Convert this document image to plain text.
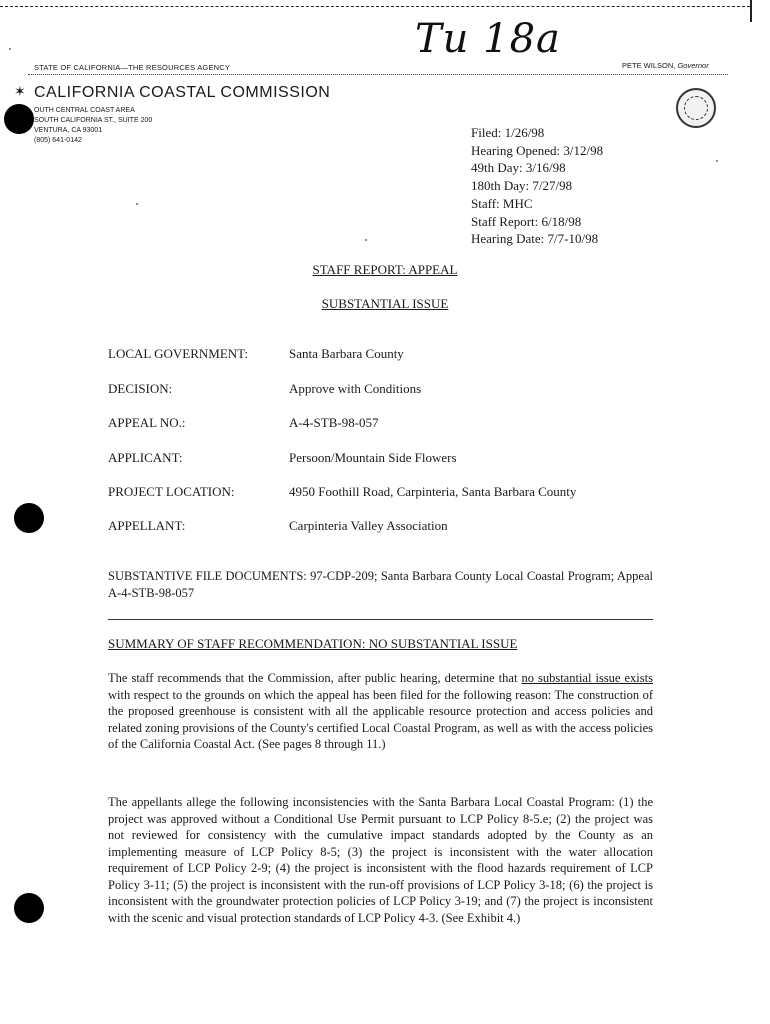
Tu 18a
STATE OF CALIFORNIA—THE RESOURCES AGENCY	PETE WILSON, Governor
✶ CALIFORNIA COASTAL COMMISSION
OUTH CENTRAL COAST AREA
SOUTH CALIFORNIA ST., SUITE 200
VENTURA, CA 93001
(805) 641-0142
Filed: 1/26/98
Hearing Opened: 3/12/98
49th Day: 3/16/98
180th Day: 7/27/98
Staff: MHC
Staff Report: 6/18/98
Hearing Date: 7/7-10/98
STAFF REPORT: APPEAL
SUBSTANTIAL ISSUE
LOCAL GOVERNMENT:	Santa Barbara County
DECISION:	Approve with Conditions
APPEAL NO.:	A-4-STB-98-057
APPLICANT:	Persoon/Mountain Side Flowers
PROJECT LOCATION:	4950 Foothill Road, Carpinteria, Santa Barbara County
APPELLANT:	Carpinteria Valley Association
SUBSTANTIVE FILE DOCUMENTS: 97-CDP-209; Santa Barbara County Local Coastal Program; Appeal A-4-STB-98-057
SUMMARY OF STAFF RECOMMENDATION: NO SUBSTANTIAL ISSUE
The staff recommends that the Commission, after public hearing, determine that no substantial issue exists with respect to the grounds on which the appeal has been filed for the following reason: The construction of the proposed greenhouse is consistent with all the applicable resource protection and access policies and related zoning provisions of the County's certified Local Coastal Program, as well as with the access policies of the California Coastal Act. (See pages 8 through 11.)
The appellants allege the following inconsistencies with the Santa Barbara Local Coastal Program: (1) the project was approved without a Conditional Use Permit pursuant to LCP Policy 8-5.e; (2) the project was not reviewed for consistency with the cumulative impact standards adopted by the County as an implementing measure of LCP Policy 8-5; (3) the project is inconsistent with the water allocation requirement of LCP Policy 2-9; (4) the project is inconsistent with the flood hazards requirement of LCP Policy 3-11; (5) the project is inconsistent with the run-off provisions of LCP Policy 3-18; (6) the project is inconsistent with the groundwater protection policies of LCP Policy 3-19; and (7) the project is inconsistent with the scenic and visual protection standards of LCP Policy 4-3. (See Exhibit 4.)
